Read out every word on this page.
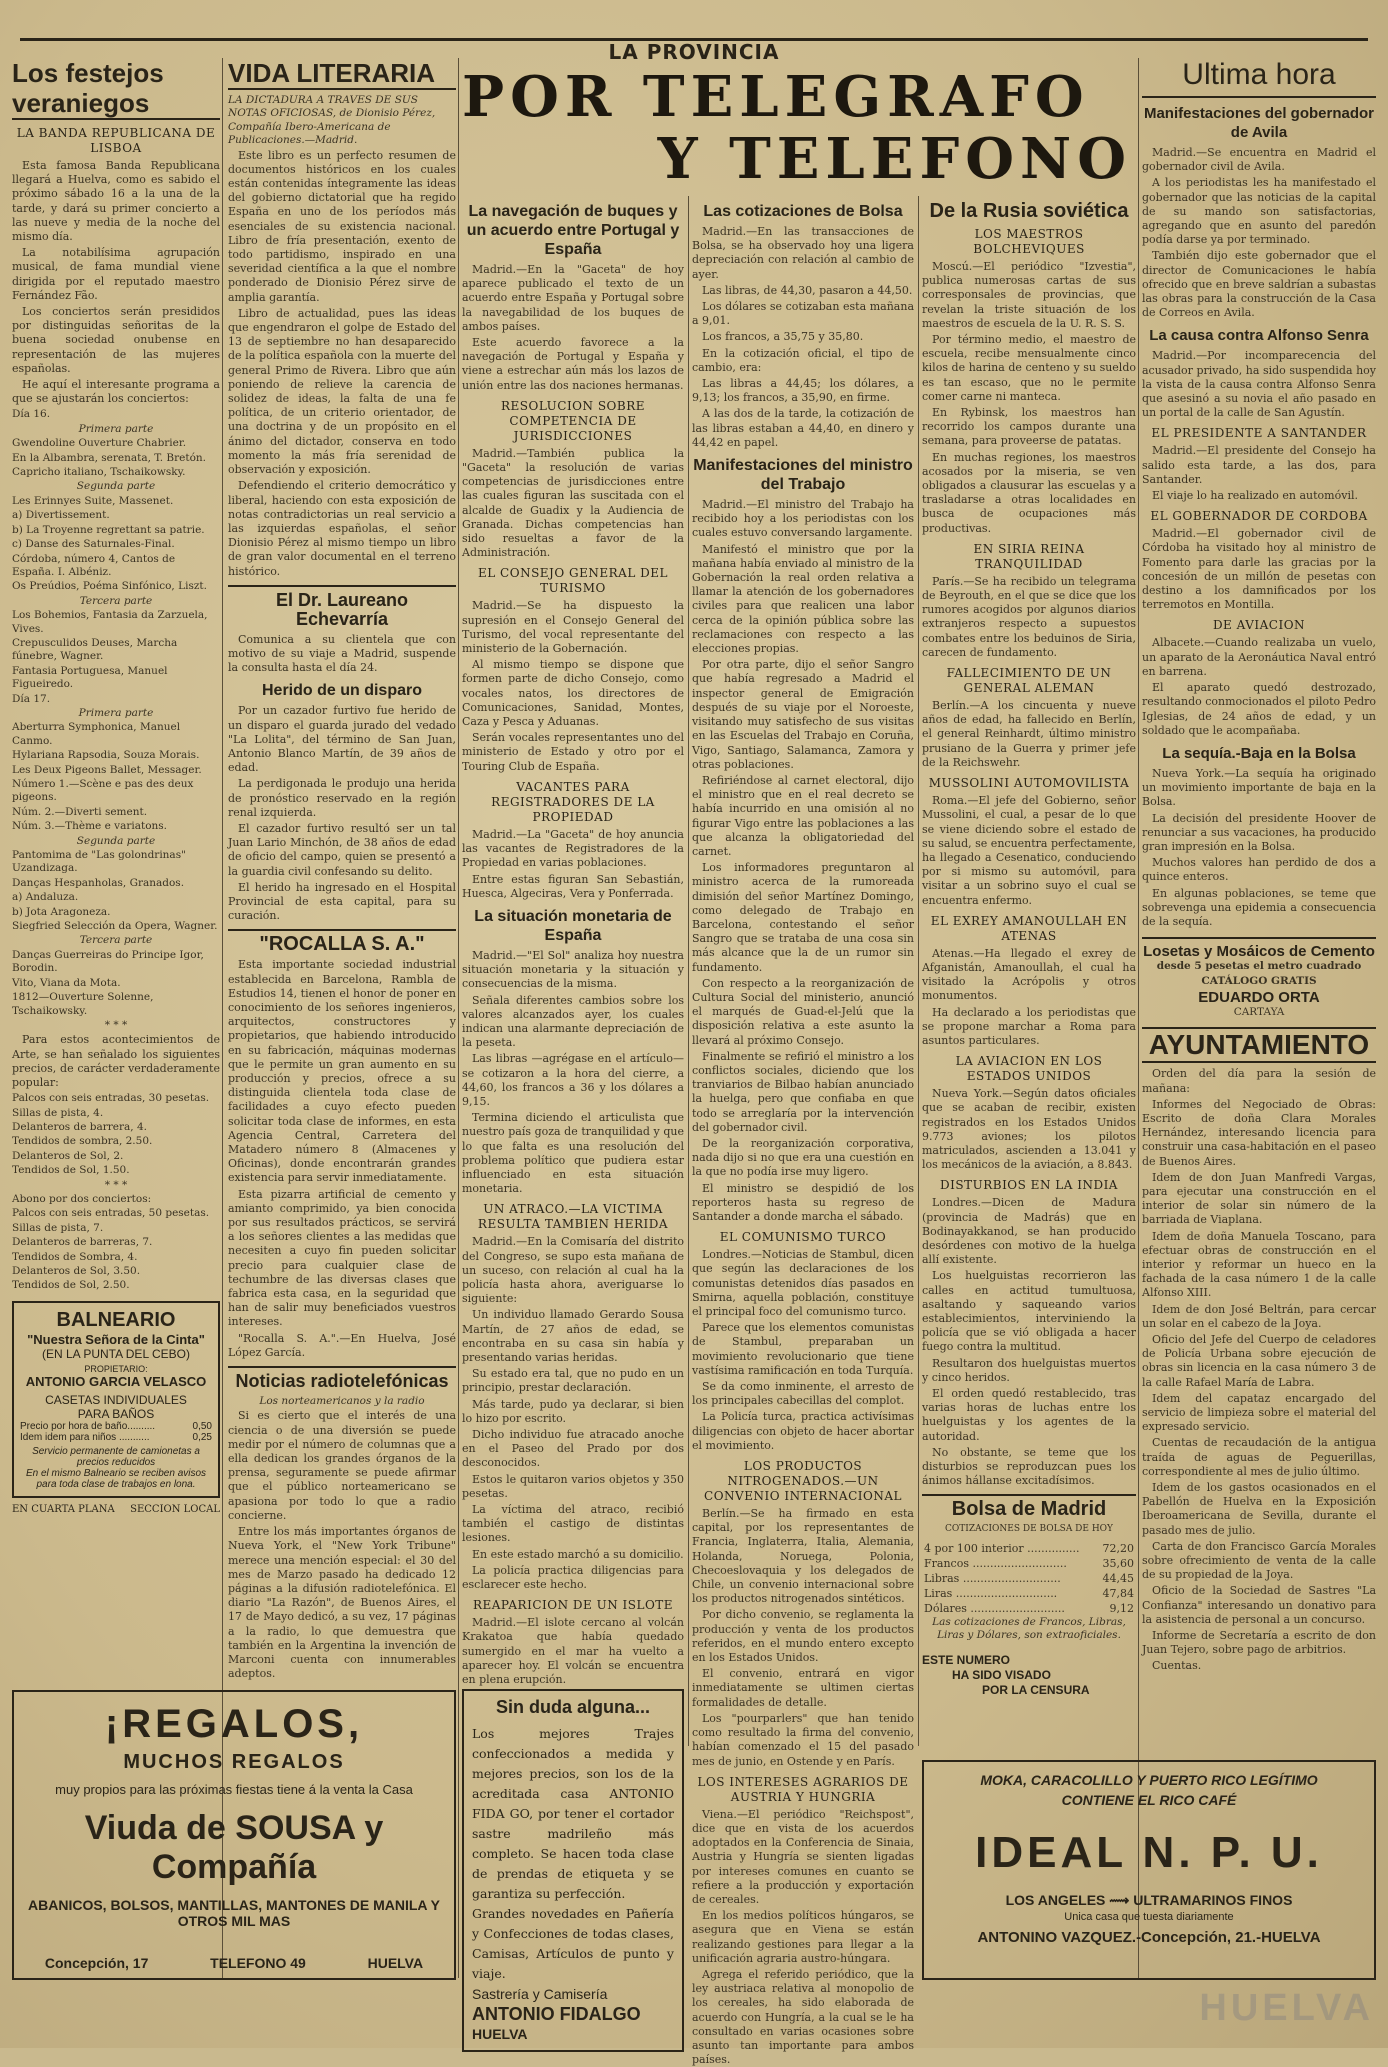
LA PROVINCIA
Los festejos veraniegos
LA BANDA REPUBLICANA DE LISBOA

Esta famosa Banda Republicana llegará a Huelva, como es sabido el próximo sábado 16 a la una de la tarde, y dará su primer concierto a las nueve y media de la noche del mismo día.

La notabilísima agrupación musical, de fama mundial viene dirigida por el reputado maestro Fernández Fão.

Los conciertos serán presididos por distinguidas señoritas de la buena sociedad onubense en representación de las mujeres españolas.

He aquí el interesante programa a que se ajustarán los conciertos:

Día 16.

Primera parte

Gwendoline Ouverture Chabrier.

En la Albambra, serenata, T. Bretón.

Capricho italiano, Tschaikowsky.

Segunda parte

Les Erinnyes Suite, Massenet.

a) Divertissement.

b) La Troyenne regrettant sa patrie.

c) Danse des Saturnales-Final.

Córdoba, número 4, Cantos de España. I. Albéniz.

Os Preúdios, Poéma Sinfónico, Liszt.

Tercera parte

Los Bohemios, Fantasia da Zarzuela, Vives.

Crepusculidos Deuses, Marcha fúnebre, Wagner.

Fantasia Portuguesa, Manuel Figueiredo.

Día 17.

Primera parte

Aberturra Symphonica, Manuel Canmo.

Hylariana Rapsodia, Souza Morais.

Les Deux Pigeons Ballet, Messager.

Número 1.—Scène e pas des deux pigeons.

Núm. 2.—Diverti sement.

Núm. 3.—Thème e variatons.

Segunda parte

Pantomima de "Las golondrinas" Uzandizaga.

Danças Hespanholas, Granados.

a) Andaluza.

b) Jota Aragoneza.

Siegfried Selección da Opera, Wagner.

Tercera parte

Danças Guerreiras do Principe Igor, Borodin.

Vito, Viana da Mota.

1812—Ouverture Solenne, Tschaikowsky.

* * *

Para estos acontecimientos de Arte, se han señalado los siguientes precios, de carácter verdaderamente popular:

Palcos con seis entradas, 30 pesetas.

Sillas de pista, 4.

Delanteros de barrera, 4.

Tendidos de sombra, 2.50.

Delanteros de Sol, 2.

Tendidos de Sol, 1.50.

* * *

Abono por dos conciertos:

Palcos con seis entradas, 50 pesetas.

Sillas de pista, 7.

Delanteros de barreras, 7.

Tendidos de Sombra, 4.

Delanteros de Sol, 3.50.

Tendidos de Sol, 2.50.

BALNEARIO
"Nuestra Señora de la Cinta"
(EN LA PUNTA DEL CEBO)
PROPIETARIO:
ANTONIO GARCIA VELASCO
CASETAS INDIVIDUALES
PARA BAÑOS
Precio por hora de baño..........	0,50
Idem idem para niños ...........	0,25
Servicio permanente de camionetas a precios reducidos
En el mismo Balneario se reciben avisos para toda clase de trabajos en lona.
EN CUARTA PLANA SECCION LOCAL
VIDA LITERARIA

LA DICTADURA A TRAVES DE SUS NOTAS OFICIOSAS, de Dionisio Pérez, Compañía Ibero-Americana de Publicaciones.—Madrid.

Este libro es un perfecto resumen de documentos históricos en los cuales están contenidas íntegramente las ideas del gobierno dictatorial que ha regido España en uno de los períodos más esenciales de su existencia nacional. Libro de fría presentación, exento de todo partidismo, inspirado en una severidad científica a la que el nombre ponderado de Dionisio Pérez sirve de amplia garantía.

Libro de actualidad, pues las ideas que engendraron el golpe de Estado del 13 de septiembre no han desaparecido de la política española con la muerte del general Primo de Rivera. Libro que aún poniendo de relieve la carencia de solidez de ideas, la falta de una fe política, de un criterio orientador, de una doctrina y de un propósito en el ánimo del dictador, conserva en todo momento la más fría serenidad de observación y exposición.

Defendiendo el criterio democrático y liberal, haciendo con esta exposición de notas contradictorias un real servicio a las izquierdas españolas, el señor Dionisio Pérez al mismo tiempo un libro de gran valor documental en el terreno histórico.

El Dr. Laureano Echevarría

Comunica a su clientela que con motivo de su viaje a Madrid, suspende la consulta hasta el día 24.

Herido de un disparo

Por un cazador furtivo fue herido de un disparo el guarda jurado del vedado "La Lolita", del término de San Juan, Antonio Blanco Martín, de 39 años de edad.

La perdigonada le produjo una herida de pronóstico reservado en la región renal izquierda.

El cazador furtivo resultó ser un tal Juan Lario Minchón, de 38 años de edad de oficio del campo, quien se presentó a la guardia civil confesando su delito.

El herido ha ingresado en el Hospital Provincial de esta capital, para su curación.

"ROCALLA S. A."

Esta importante sociedad industrial establecida en Barcelona, Rambla de Estudios 14, tienen el honor de poner en conocimiento de los señores ingenieros, arquitectos, constructores y propietarios, que habiendo introducido en su fabricación, máquinas modernas que le permite un gran aumento en su producción y precios, ofrece a su distinguida clientela toda clase de facilidades a cuyo efecto pueden solicitar toda clase de informes, en esta Agencia Central, Carretera del Matadero número 8 (Almacenes y Oficinas), donde encontrarán grandes existencia para servir inmediatamente.

Esta pizarra artificial de cemento y amianto comprimido, ya bien conocida por sus resultados prácticos, se servirá a los señores clientes a las medidas que necesiten a cuyo fin pueden solicitar precio para cualquier clase de techumbre de las diversas clases que fabrica esta casa, en la seguridad que han de salir muy beneficiados vuestros intereses.

"Rocalla S. A.".—En Huelva, José López García.

Noticias radiotelefónicas

Los norteamericanos y la radio

Si es cierto que el interés de una ciencia o de una diversión se puede medir por el número de columnas que a ella dedican los grandes órganos de la prensa, seguramente se puede afirmar que el público norteamericano se apasiona por todo lo que a radio concierne.

Entre los más importantes órganos de Nueva York, el "New York Tribune" merece una mención especial: el 30 del mes de Marzo pasado ha dedicado 12 páginas a la difusión radiotelefónica. El diario "La Razón", de Buenos Aires, el 17 de Mayo dedicó, a su vez, 17 páginas a la radio, lo que demuestra que también en la Argentina la invención de Marconi cuenta con innumerables adeptos.

POR TELEGRAFO
Y TELEFONO
La navegación de buques y un acuerdo entre Portugal y España

Madrid.—En la "Gaceta" de hoy aparece publicado el texto de un acuerdo entre España y Portugal sobre la navegabilidad de los buques de ambos países.

Este acuerdo favorece a la navegación de Portugal y España y viene a estrechar aún más los lazos de unión entre las dos naciones hermanas.

RESOLUCION SOBRE COMPETENCIA DE JURISDICCIONES

Madrid.—También publica la "Gaceta" la resolución de varias competencias de jurisdicciones entre las cuales figuran las suscitada con el alcalde de Guadix y la Audiencia de Granada. Dichas competencias han sido resueltas a favor de la Administración.

EL CONSEJO GENERAL DEL TURISMO

Madrid.—Se ha dispuesto la supresión en el Consejo General del Turismo, del vocal representante del ministerio de la Gobernación.

Al mismo tiempo se dispone que formen parte de dicho Consejo, como vocales natos, los directores de Comunicaciones, Sanidad, Montes, Caza y Pesca y Aduanas.

Serán vocales representantes uno del ministerio de Estado y otro por el Touring Club de España.

VACANTES PARA REGISTRADORES DE LA PROPIEDAD

Madrid.—La "Gaceta" de hoy anuncia las vacantes de Registradores de la Propiedad en varias poblaciones.

Entre estas figuran San Sebastián, Huesca, Algeciras, Vera y Ponferrada.

La situación monetaria de España

Madrid.—"El Sol" analiza hoy nuestra situación monetaria y la situación y consecuencias de la misma.

Señala diferentes cambios sobre los valores alcanzados ayer, los cuales indican una alarmante depreciación de la peseta.

Las libras —agrégase en el artículo— se cotizaron a la hora del cierre, a 44,60, los francos a 36 y los dólares a 9,15.

Termina diciendo el articulista que nuestro país goza de tranquilidad y que lo que falta es una resolución del problema político que pudiera estar influenciado en esta situación monetaria.

UN ATRACO.—LA VICTIMA RESULTA TAMBIEN HERIDA

Madrid.—En la Comisaría del distrito del Congreso, se supo esta mañana de un suceso, con relación al cual ha la policía hasta ahora, averiguarse lo siguiente:

Un individuo llamado Gerardo Sousa Martín, de 27 años de edad, se encontraba en su casa sin había y presentando varias heridas.

Su estado era tal, que no pudo en un principio, prestar declaración.

Más tarde, pudo ya declarar, si bien lo hizo por escrito.

Dicho individuo fue atracado anoche en el Paseo del Prado por dos desconocidos.

Estos le quitaron varios objetos y 350 pesetas.

La víctima del atraco, recibió también el castigo de distintas lesiones.

En este estado marchó a su domicilio.

La policía practica diligencias para esclarecer este hecho.

REAPARICION DE UN ISLOTE

Madrid.—El islote cercano al volcán Krakatoa que había quedado sumergido en el mar ha vuelto a aparecer hoy. El volcán se encuentra en plena erupción.

Sin duda alguna...

Los mejores Trajes confeccionados a medida y mejores precios, son los de la acreditada casa ANTONIO FIDA GO, por tener el cortador sastre madrileño más completo. Se hacen toda clase de prendas de etiqueta y se garantiza su perfección.

Grandes novedades en Pañería y Confecciones de todas clases, Camisas, Artículos de punto y viaje.

Sastrería y Camisería

ANTONIO FIDALGO

HUELVA

Las cotizaciones de Bolsa

Madrid.—En las transacciones de Bolsa, se ha observado hoy una ligera depreciación con relación al cambio de ayer.

Las libras, de 44,30, pasaron a 44,50.

Los dólares se cotizaban esta mañana a 9,01.

Los francos, a 35,75 y 35,80.

En la cotización oficial, el tipo de cambio, era:

Las libras a 44,45; los dólares, a 9,13; los francos, a 35,90, en firme.

A las dos de la tarde, la cotización de las libras estaban a 44,40, en dinero y 44,42 en papel.

Manifestaciones del ministro del Trabajo

Madrid.—El ministro del Trabajo ha recibido hoy a los periodistas con los cuales estuvo conversando largamente.

Manifestó el ministro que por la mañana había enviado al ministro de la Gobernación la real orden relativa a llamar la atención de los gobernadores civiles para que realicen una labor cerca de la opinión pública sobre las reclamaciones con respecto a las elecciones propias.

Por otra parte, dijo el señor Sangro que había regresado a Madrid el inspector general de Emigración después de su viaje por el Noroeste, visitando muy satisfecho de sus visitas en las Escuelas del Trabajo en Coruña, Vigo, Santiago, Salamanca, Zamora y otras poblaciones.

Refiriéndose al carnet electoral, dijo el ministro que en el real decreto se había incurrido en una omisión al no figurar Vigo entre las poblaciones a las que alcanza la obligatoriedad del carnet.

Los informadores preguntaron al ministro acerca de la rumoreada dimisión del señor Martínez Domingo, como delegado de Trabajo en Barcelona, contestando el señor Sangro que se trataba de una cosa sin más alcance que la de un rumor sin fundamento.

Con respecto a la reorganización de Cultura Social del ministerio, anunció el marqués de Guad-el-Jelú que la disposición relativa a este asunto la llevará al próximo Consejo.

Finalmente se refirió el ministro a los conflictos sociales, diciendo que los tranviarios de Bilbao habían anunciado la huelga, pero que confiaba en que todo se arreglaría por la intervención del gobernador civil.

De la reorganización corporativa, nada dijo si no que era una cuestión en la que no podía irse muy ligero.

El ministro se despidió de los reporteros hasta su regreso de Santander a donde marcha el sábado.

EL COMUNISMO TURCO

Londres.—Noticias de Stambul, dicen que según las declaraciones de los comunistas detenidos días pasados en Smirna, aquella población, constituye el principal foco del comunismo turco.

Parece que los elementos comunistas de Stambul, preparaban un movimiento revolucionario que tiene vastísima ramificación en toda Turquía.

Se da como inminente, el arresto de los principales cabecillas del complot.

La Policía turca, practica activísimas diligencias con objeto de hacer abortar el movimiento.

LOS PRODUCTOS NITROGENADOS.—UN CONVENIO INTERNACIONAL

Berlín.—Se ha firmado en esta capital, por los representantes de Francia, Inglaterra, Italia, Alemania, Holanda, Noruega, Polonia, Checoeslovaquia y los delegados de Chile, un convenio internacional sobre los productos nitrogenados sintéticos.

Por dicho convenio, se reglamenta la producción y venta de los productos referidos, en el mundo entero excepto en los Estados Unidos.

El convenio, entrará en vigor inmediatamente se ultimen ciertas formalidades de detalle.

Los "pourparlers" que han tenido como resultado la firma del convenio, habían comenzado el 15 del pasado mes de junio, en Ostende y en París.

LOS INTERESES AGRARIOS DE AUSTRIA Y HUNGRIA

Viena.—El periódico "Reichspost", dice que en vista de los acuerdos adoptados en la Conferencia de Sinaia, Austria y Hungría se sienten ligadas por intereses comunes en cuanto se refiere a la producción y exportación de cereales.

En los medios políticos húngaros, se asegura que en Viena se están realizando gestiones para llegar a la unificación agraria austro-húngara.

Agrega el referido periódico, que la ley austriaca relativa al monopolio de los cereales, ha sido elaborada de acuerdo con Hungría, a la cual se le ha consultado en varias ocasiones sobre asunto tan importante para ambos países.

De la Rusia soviética
LOS MAESTROS BOLCHEVIQUES

Moscú.—El periódico "Izvestia", publica numerosas cartas de sus corresponsales de provincias, que revelan la triste situación de los maestros de escuela de la U. R. S. S.

Por término medio, el maestro de escuela, recibe mensualmente cinco kilos de harina de centeno y su sueldo es tan escaso, que no le permite comer carne ni manteca.

En Rybinsk, los maestros han recorrido los campos durante una semana, para proveerse de patatas.

En muchas regiones, los maestros acosados por la miseria, se ven obligados a clausurar las escuelas y a trasladarse a otras localidades en busca de ocupaciones más productivas.

EN SIRIA REINA TRANQUILIDAD

París.—Se ha recibido un telegrama de Beyrouth, en el que se dice que los rumores acogidos por algunos diarios extranjeros respecto a supuestos combates entre los beduinos de Siria, carecen de fundamento.

FALLECIMIENTO DE UN GENERAL ALEMAN

Berlín.—A los cincuenta y nueve años de edad, ha fallecido en Berlín, el general Reinhardt, último ministro prusiano de la Guerra y primer jefe de la Reichswehr.

MUSSOLINI AUTOMOVILISTA

Roma.—El jefe del Gobierno, señor Mussolini, el cual, a pesar de lo que se viene diciendo sobre el estado de su salud, se encuentra perfectamente, ha llegado a Cesenatico, conduciendo por si mismo su automóvil, para visitar a un sobrino suyo el cual se encuentra enfermo.

EL EXREY AMANOULLAH EN ATENAS

Atenas.—Ha llegado el exrey de Afganistán, Amanoullah, el cual ha visitado la Acrópolis y otros monumentos.

Ha declarado a los periodistas que se propone marchar a Roma para asuntos particulares.

LA AVIACION EN LOS ESTADOS UNIDOS

Nueva York.—Según datos oficiales que se acaban de recibir, existen registrados en los Estados Unidos 9.773 aviones; los pilotos matriculados, ascienden a 13.041 y los mecánicos de la aviación, a 8.843.

DISTURBIOS EN LA INDIA

Londres.—Dicen de Madura (provincia de Madrás) que en Bodinayakkanod, se han producido desórdenes con motivo de la huelga allí existente.

Los huelguistas recorrieron las calles en actitud tumultuosa, asaltando y saqueando varios establecimientos, interviniendo la policía que se vió obligada a hacer fuego contra la multitud.

Resultaron dos huelguistas muertos y cinco heridos.

El orden quedó restablecido, tras varias horas de luchas entre los huelguistas y los agentes de la autoridad.

No obstante, se teme que los disturbios se reproduzcan pues los ánimos hállanse excitadísimos.

Bolsa de Madrid

COTIZACIONES DE BOLSA DE HOY

4 por 100 interior ...............	72,20
Francos ...........................	35,60
Libras ............................	44,45
Liras .............................	47,84
Dólares ...........................	9,12

Las cotizaciones de Francos, Libras, Liras y Dólares, son extraoficiales.

ESTE NUMERO
HA SIDO VISADO
POR LA CENSURA
Ultima hora
Manifestaciones del gobernador de Avila

Madrid.—Se encuentra en Madrid el gobernador civil de Avila.

A los periodistas les ha manifestado el gobernador que las noticias de la capital de su mando son satisfactorias, agregando que en asunto del paredón podía darse ya por terminado.

También dijo este gobernador que el director de Comunicaciones le había ofrecido que en breve saldrían a subastas las obras para la construcción de la Casa de Correos en Avila.

La causa contra Alfonso Senra

Madrid.—Por incomparecencia del acusador privado, ha sido suspendida hoy la vista de la causa contra Alfonso Senra que asesinó a su novia el año pasado en un portal de la calle de San Agustín.

EL PRESIDENTE A SANTANDER

Madrid.—El presidente del Consejo ha salido esta tarde, a las dos, para Santander.

El viaje lo ha realizado en automóvil.

EL GOBERNADOR DE CORDOBA

Madrid.—El gobernador civil de Córdoba ha visitado hoy al ministro de Fomento para darle las gracias por la concesión de un millón de pesetas con destino a los damnificados por los terremotos en Montilla.

DE AVIACION

Albacete.—Cuando realizaba un vuelo, un aparato de la Aeronáutica Naval entró en barrena.

El aparato quedó destrozado, resultando conmocionados el piloto Pedro Iglesias, de 24 años de edad, y un soldado que le acompañaba.

La sequía.-Baja en la Bolsa

Nueva York.—La sequía ha originado un movimiento importante de baja en la Bolsa.

La decisión del presidente Hoover de renunciar a sus vacaciones, ha producido gran impresión en la Bolsa.

Muchos valores han perdido de dos a quince enteros.

En algunas poblaciones, se teme que sobrevenga una epidemia a consecuencia de la sequía.

Losetas y Mosáicos de Cemento

desde 5 pesetas el metro cuadrado

CATÁLOGO GRATIS

EDUARDO ORTA

CARTAYA

AYUNTAMIENTO

Orden del día para la sesión de mañana:

Informes del Negociado de Obras: Escrito de doña Clara Morales Hernández, interesando licencia para construir una casa-habitación en el paseo de Buenos Aires.

Idem de don Juan Manfredi Vargas, para ejecutar una construcción en el interior de solar sin número de la barriada de Viaplana.

Idem de doña Manuela Toscano, para efectuar obras de construcción en el interior y reformar un hueco en la fachada de la casa número 1 de la calle Alfonso XIII.

Idem de don José Beltrán, para cercar un solar en el cabezo de la Joya.

Oficio del Jefe del Cuerpo de celadores de Policía Urbana sobre ejecución de obras sin licencia en la casa número 3 de la calle Rafael María de Labra.

Idem del capataz encargado del servicio de limpieza sobre el material del expresado servicio.

Cuentas de recaudación de la antigua traída de aguas de Peguerillas, correspondiente al mes de julio último.

Idem de los gastos ocasionados en el Pabellón de Huelva en la Exposición Iberoamericana de Sevilla, durante el pasado mes de julio.

Carta de don Francisco García Morales sobre ofrecimiento de venta de la calle de su propiedad de la Joya.

Oficio de la Sociedad de Sastres "La Confianza" interesando un donativo para la asistencia de personal a un concurso.

Informe de Secretaría a escrito de don Juan Tejero, sobre pago de arbitrios.

Cuentas.

¡REGALOS,
MUCHOS REGALOS
muy propios para las próximas fiestas tiene á la venta la Casa
Viuda de SOUSA y Compañía
ABANICOS, BOLSOS, MANTILLAS, MANTONES DE MANILA Y OTROS MIL MAS
Concepción, 17	TELEFONO 49	HUELVA
MOKA, CARACOLILLO Y PUERTO RICO LEGÍTIMO
CONTIENE EL RICO CAFÉ
IDEAL N. P. U.
LOS ANGELES ⟿ ULTRAMARINOS FINOS
Unica casa que tuesta diariamente
ANTONINO VAZQUEZ.-Concepción, 21.-HUELVA
HUELVA
